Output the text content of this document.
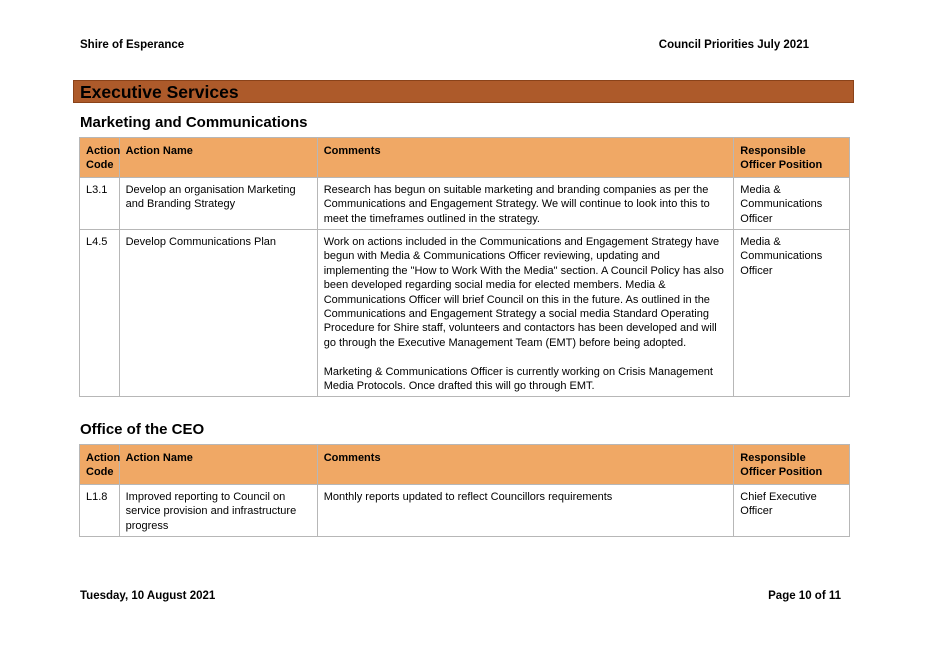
Shire of Esperance	Council Priorities July 2021
Executive Services
Marketing and Communications
Action Code	Action Name	Comments	Responsible Officer Position
L3.1	Develop an organisation Marketing and Branding Strategy	Research has begun on suitable marketing and branding companies as per the Communications and Engagement Strategy. We will continue to look into this to meet the timeframes outlined in the strategy.	Media & Communications Officer
L4.5	Develop Communications Plan	Work on actions included in the Communications and Engagement Strategy have begun with Media & Communications Officer reviewing, updating and implementing the "How to Work With the Media" section. A Council Policy has also been developed regarding social media for elected members. Media & Communications Officer will brief Council on this in the future. As outlined in the Communications and Engagement Strategy a social media Standard Operating Procedure for Shire staff, volunteers and contactors has been developed and will go through the Executive Management Team (EMT) before being adopted.

Marketing & Communications Officer is currently working on Crisis Management Media Protocols. Once drafted this will go through EMT.	Media & Communications Officer
Office of the CEO
Action Code	Action Name	Comments	Responsible Officer Position
L1.8	Improved reporting to Council on service provision and infrastructure progress	Monthly reports updated to reflect Councillors requirements	Chief Executive Officer
Tuesday, 10 August 2021	Page 10 of 11
